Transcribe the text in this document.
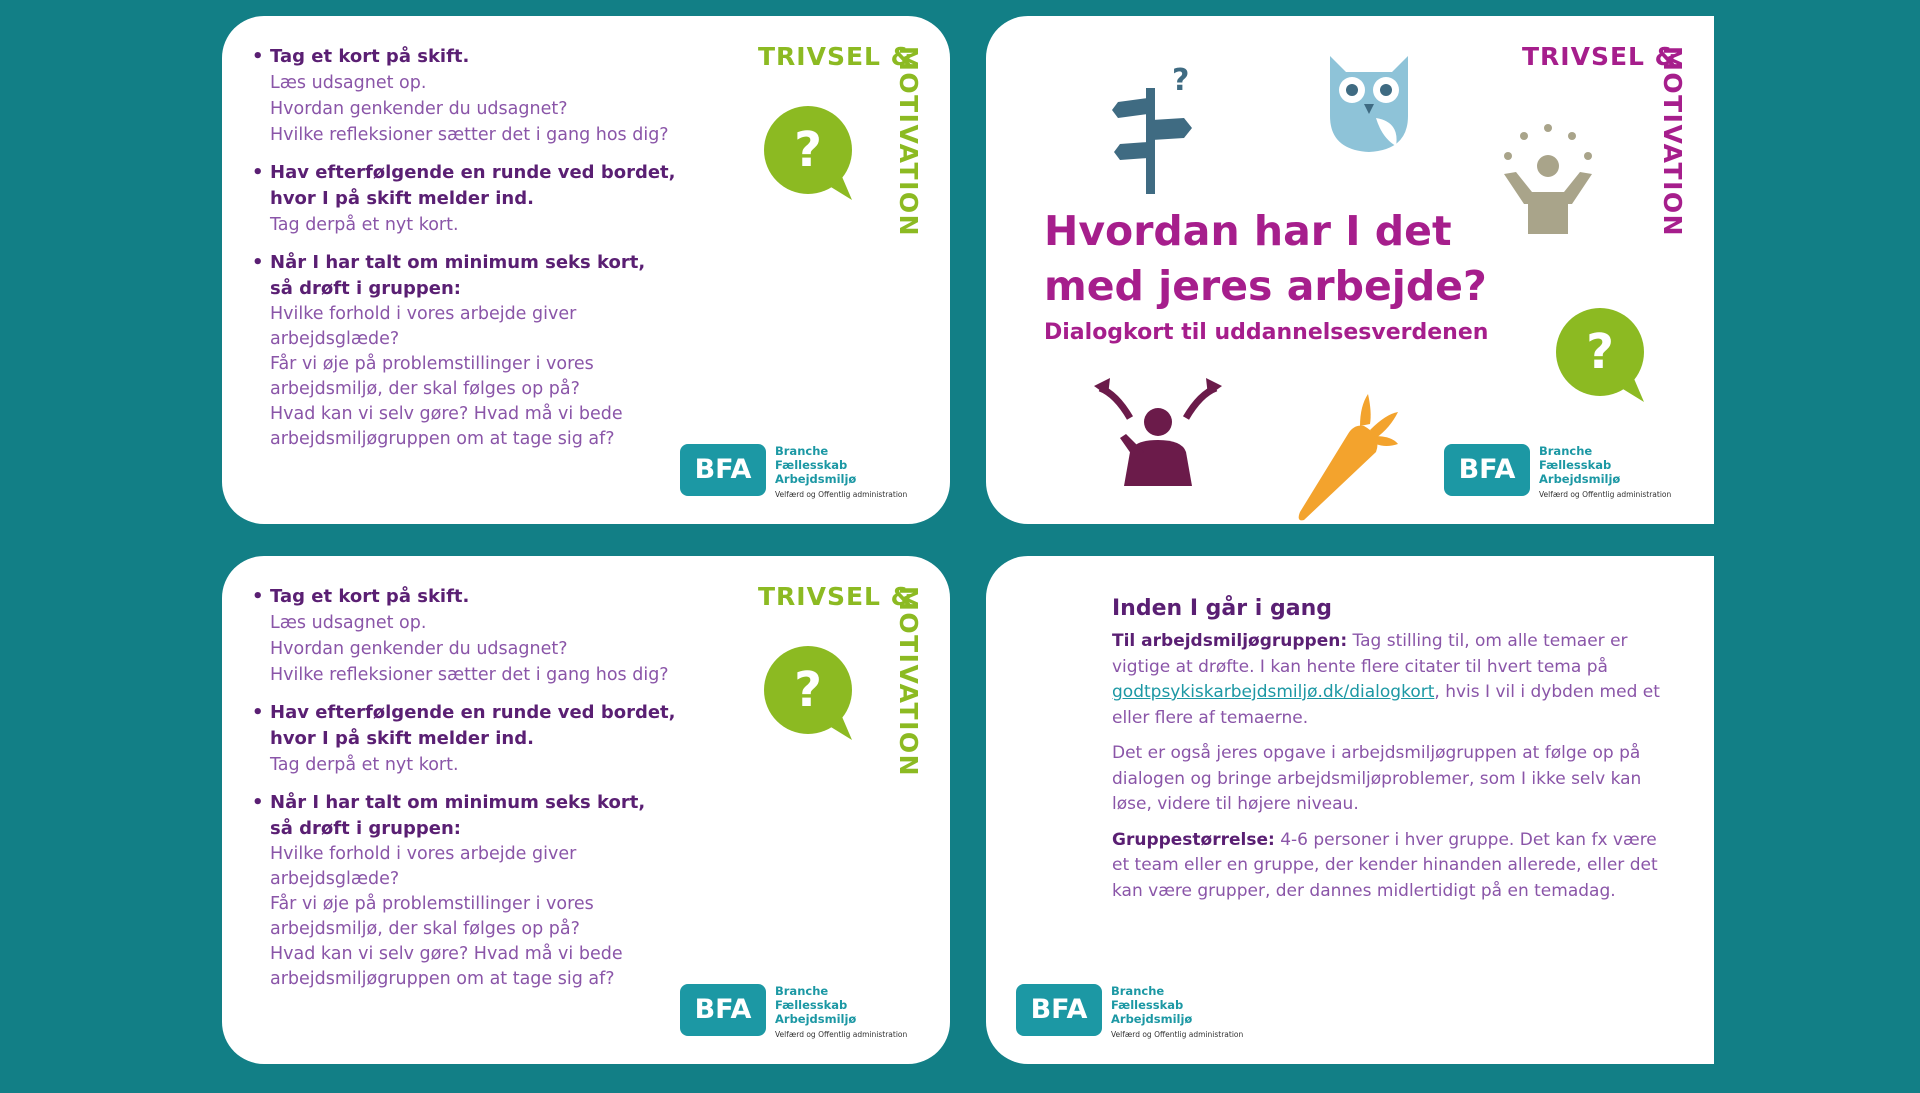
• Tag et kort på skift.
Læs udsagnet op.
Hvordan genkender du udsagnet?
Hvilke refleksioner sætter det i gang hos dig?
• Hav efterfølgende en runde ved bordet,
hvor I på skift melder ind.
Tag derpå et nyt kort.
• Når I har talt om minimum seks kort,
så drøft i gruppen:
Hvilke forhold i vores arbejde giver
arbejdsglæde?
Får vi øje på problemstillinger i vores
arbejdsmiljø, der skal følges op på?
Hvad kan vi selv gøre? Hvad må vi bede
arbejdsmiljøgruppen om at tage sig af?
TRIVSEL &
MOTIVATION
?
BFA
Branche
Fællesskab
Arbejdsmiljø
Velfærd og Offentlig administration
TRIVSEL &
MOTIVATION
?
Hvordan har I det
med jeres arbejde?
Dialogkort til uddannelsesverdenen ?
BFA
Branche
Fællesskab
Arbejdsmiljø
Velfærd og Offentlig administration
• Tag et kort på skift.
Læs udsagnet op.
Hvordan genkender du udsagnet?
Hvilke refleksioner sætter det i gang hos dig?
• Hav efterfølgende en runde ved bordet,
hvor I på skift melder ind.
Tag derpå et nyt kort.
• Når I har talt om minimum seks kort,
så drøft i gruppen:
Hvilke forhold i vores arbejde giver
arbejdsglæde?
Får vi øje på problemstillinger i vores
arbejdsmiljø, der skal følges op på?
Hvad kan vi selv gøre? Hvad må vi bede
arbejdsmiljøgruppen om at tage sig af?
TRIVSEL &
MOTIVATION
?
BFA
Branche
Fællesskab
Arbejdsmiljø
Velfærd og Offentlig administration
Inden I går i gang
Til arbejdsmiljøgruppen: Tag stilling til, om alle temaer er vigtige at drøfte. I kan hente flere citater til hvert tema på godtpsykiskarbejdsmiljø.dk/dialogkort, hvis I vil i dybden med et eller flere af temaerne.
Det er også jeres opgave i arbejdsmiljøgruppen at følge op på dialogen og bringe arbejdsmiljøproblemer, som I ikke selv kan løse, videre til højere niveau.
Gruppestørrelse: 4-6 personer i hver gruppe. Det kan fx være et team eller en gruppe, der kender hinanden allerede, eller det kan være grupper, der dannes midlertidigt på en temadag.
BFA
Branche
Fællesskab
Arbejdsmiljø
Velfærd og Offentlig administration
